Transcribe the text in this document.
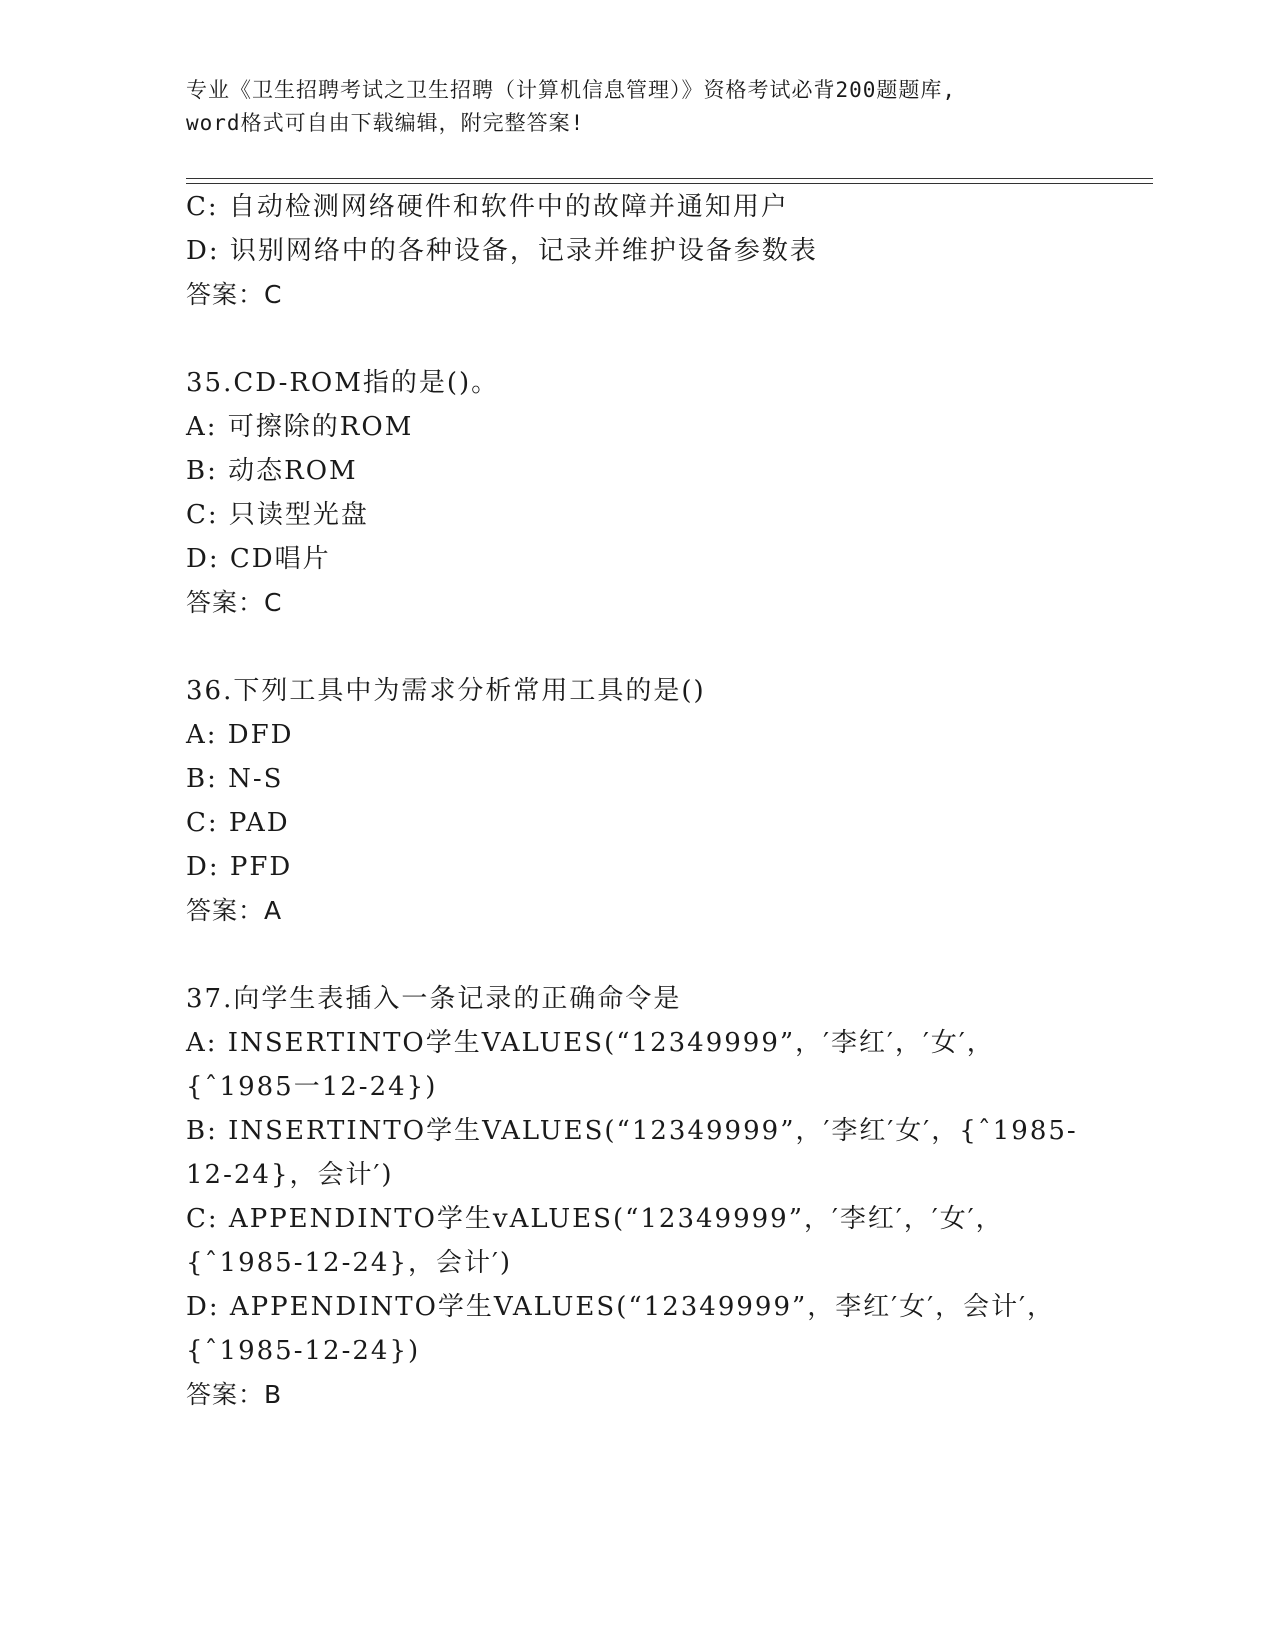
专业《卫生招聘考试之卫生招聘（计算机信息管理）》资格考试必背200题题库,
word格式可自由下载编辑，附完整答案!
C: 自动检测网络硬件和软件中的故障并通知用户
D: 识别网络中的各种设备，记录并维护设备参数表
答案：C
35.CD-ROM指的是()。
A: 可擦除的ROM
B: 动态ROM
C: 只读型光盘
D: CD唱片
答案：C
36.下列工具中为需求分析常用工具的是()
A: DFD
B: N-S
C: PAD
D: PFD
答案：A
37.向学生表插入一条记录的正确命令是
A: INSERTINTO学生VALUES(“12349999”，′李红′，′女′，
{ˆ1985一12-24})
B: INSERTINTO学生VALUES(“12349999”，′李红′女′，{ˆ1985-
12-24}，会计′)
C: APPENDINTO学生vALUES(“12349999”，′李红′，′女′，
{ˆ1985-12-24}，会计′)
D: APPENDINTO学生VALUES(“12349999”，李红′女′，会计′，
{ˆ1985-12-24})
答案：B
